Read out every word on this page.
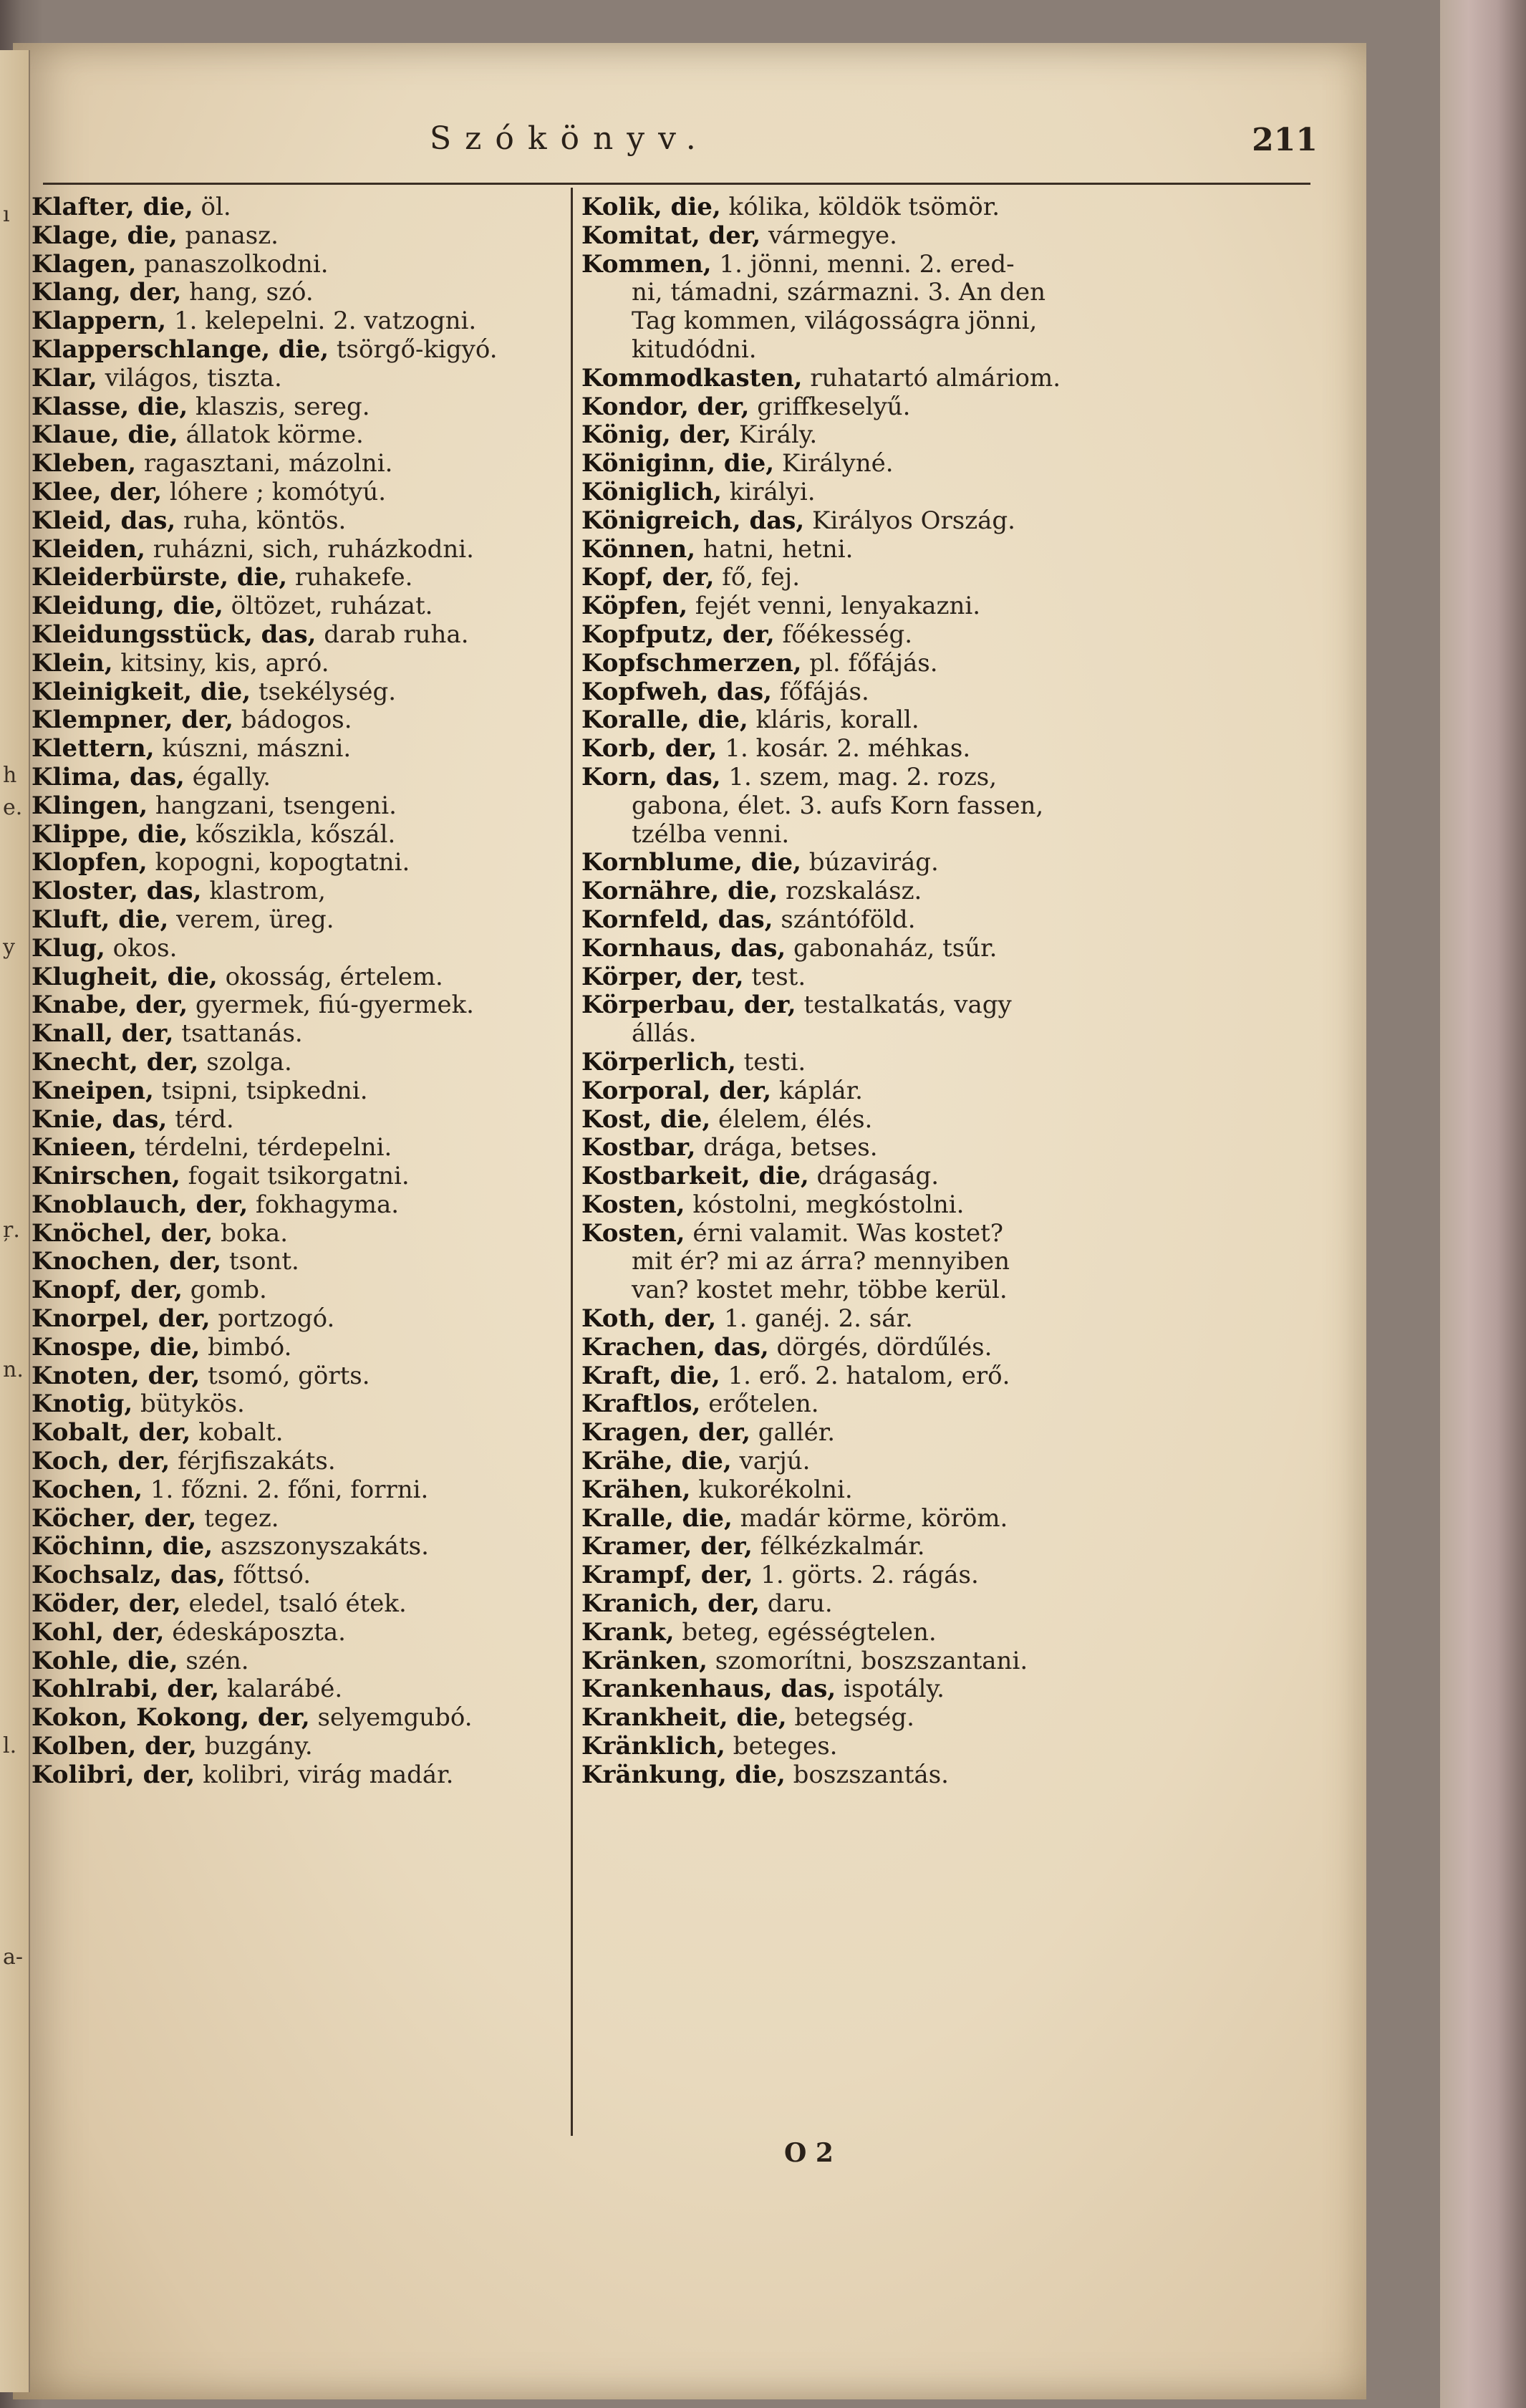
ı
h
e.
y
ŗ.
n.
l.
a-
Szókönyv.	211
Klafter, die, öl.
Klage, die, panasz.
Klagen, panaszolkodni.
Klang, der, hang, szó.
Klappern, 1. kelepelni. 2. vatzogni.
Klapperschlange, die, tsörgő-kigyó.
Klar, világos, tiszta.
Klasse, die, klaszis, sereg.
Klaue, die, állatok körme.
Kleben, ragasztani, mázolni.
Klee, der, lóhere ; komótyú.
Kleid, das, ruha, köntös.
Kleiden, ruházni, sich, ruházkodni.
Kleiderbürste, die, ruhakefe.
Kleidung, die, öltözet, ruházat.
Kleidungsstück, das, darab ruha.
Klein, kitsiny, kis, apró.
Kleinigkeit, die, tsekélység.
Klempner, der, bádogos.
Klettern, kúszni, mászni.
Klima, das, égally.
Klingen, hangzani, tsengeni.
Klippe, die, kőszikla, kőszál.
Klopfen, kopogni, kopogtatni.
Kloster, das, klastrom,
Kluft, die, verem, üreg.
Klug, okos.
Klugheit, die, okosság, értelem.
Knabe, der, gyermek, fiú-gyermek.
Knall, der, tsattanás.
Knecht, der, szolga.
Kneipen, tsipni, tsipkedni.
Knie, das, térd.
Knieen, térdelni, térdepelni.
Knirschen, fogait tsikorgatni.
Knoblauch, der, fokhagyma.
Knöchel, der, boka.
Knochen, der, tsont.
Knopf, der, gomb.
Knorpel, der, portzogó.
Knospe, die, bimbó.
Knoten, der, tsomó, görts.
Knotig, bütykös.
Kobalt, der, kobalt.
Koch, der, férjfiszakáts.
Kochen, 1. főzni. 2. főni, forrni.
Köcher, der, tegez.
Köchinn, die, aszszonyszakáts.
Kochsalz, das, főttsó.
Köder, der, eledel, tsaló étek.
Kohl, der, édeskáposzta.
Kohle, die, szén.
Kohlrabi, der, kalarábé.
Kokon, Kokong, der, selyemgubó.
Kolben, der, buzgány.
Kolibri, der, kolibri, virág madár.
Kolik, die, kólika, köldök tsömör.
Komitat, der, vármegye.
Kommen, 1. jönni, menni. 2. ered-
ni, támadni, származni. 3. An den
Tag kommen, világosságra jönni,
kitudódni.
Kommodkasten, ruhatartó almáriom.
Kondor, der, griffkeselyű.
König, der, Király.
Königinn, die, Királyné.
Königlich, királyi.
Königreich, das, Királyos Ország.
Können, hatni, hetni.
Kopf, der, fő, fej.
Köpfen, fejét venni, lenyakazni.
Kopfputz, der, főékesség.
Kopfschmerzen, pl. főfájás.
Kopfweh, das, főfájás.
Koralle, die, kláris, korall.
Korb, der, 1. kosár. 2. méhkas.
Korn, das, 1. szem, mag. 2. rozs,
gabona, élet. 3. aufs Korn fassen,
tzélba venni.
Kornblume, die, búzavirág.
Kornähre, die, rozskalász.
Kornfeld, das, szántóföld.
Kornhaus, das, gabonaház, tsűr.
Körper, der, test.
Körperbau, der, testalkatás, vagy
állás.
Körperlich, testi.
Korporal, der, káplár.
Kost, die, élelem, élés.
Kostbar, drága, betses.
Kostbarkeit, die, drágaság.
Kosten, kóstolni, megkóstolni.
Kosten, érni valamit. Was kostet?
mit ér? mi az árra? mennyiben
van? kostet mehr, többe kerül.
Koth, der, 1. ganéj. 2. sár.
Krachen, das, dörgés, dördűlés.
Kraft, die, 1. erő. 2. hatalom, erő.
Kraftlos, erőtelen.
Kragen, der, gallér.
Krähe, die, varjú.
Krähen, kukorékolni.
Kralle, die, madár körme, köröm.
Kramer, der, félkézkalmár.
Krampf, der, 1. görts. 2. rágás.
Kranich, der, daru.
Krank, beteg, egésségtelen.
Kränken, szomorítni, boszszantani.
Krankenhaus, das, ispotály.
Krankheit, die, betegség.
Kränklich, beteges.
Kränkung, die, boszszantás.
O 2
